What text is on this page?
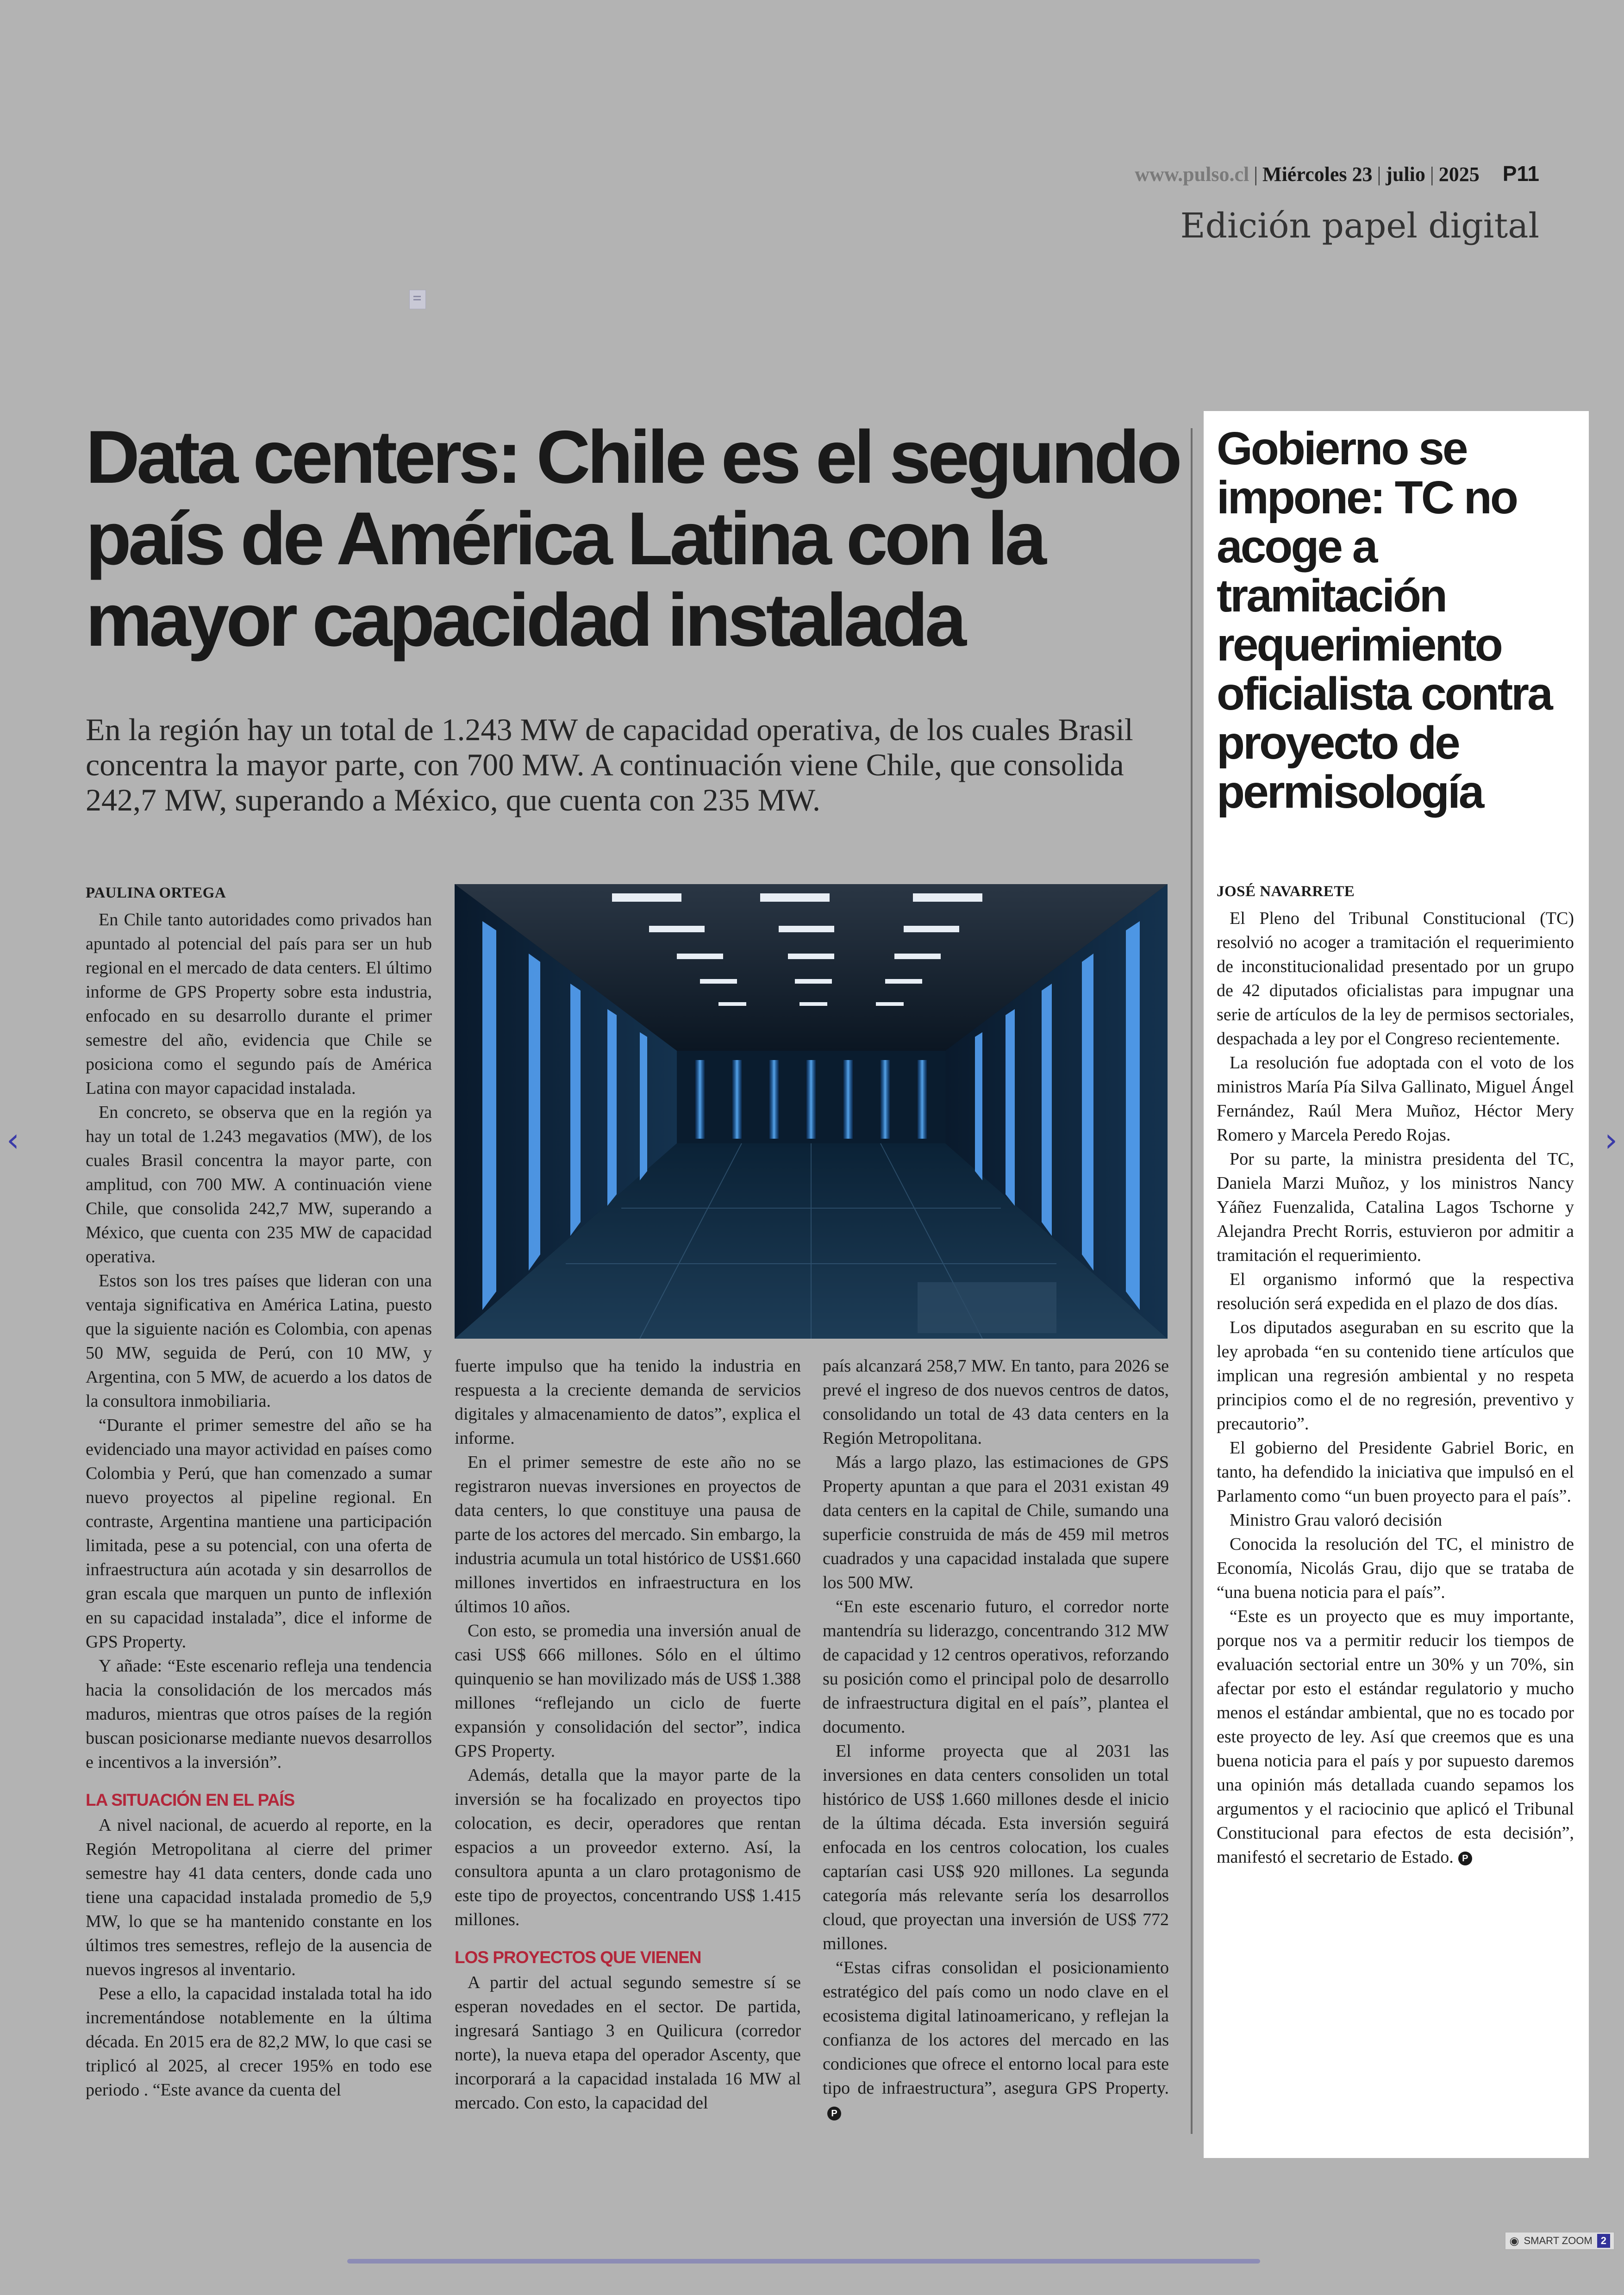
www.pulso.cl | Miércoles 23 | julio | 2025 P11
Edición papel digital
Data centers: Chile es el segundo país de América Latina con la mayor capacidad instalada
En la región hay un total de 1.243 MW de capacidad operativa, de los cuales Brasil concentra la mayor parte, con 700 MW. A continuación viene Chile, que consolida 242,7 MW, superando a México, que cuenta con 235 MW.
PAULINA ORTEGA

En Chile tanto autoridades como privados han apuntado al potencial del país para ser un hub regional en el mercado de data centers. El último informe de GPS Property sobre esta industria, enfocado en su desarrollo durante el primer semestre del año, evidencia que Chile se posiciona como el segundo país de América Latina con mayor capacidad instalada.

En concreto, se observa que en la región ya hay un total de 1.243 megavatios (MW), de los cuales Brasil concentra la mayor parte, con amplitud, con 700 MW. A continuación viene Chile, que consolida 242,7 MW, superando a México, que cuenta con 235 MW de capacidad operativa.

Estos son los tres países que lideran con una ventaja significativa en América Latina, puesto que la siguiente nación es Colombia, con apenas 50 MW, seguida de Perú, con 10 MW, y Argentina, con 5 MW, de acuerdo a los datos de la consultora inmobiliaria.

“Durante el primer semestre del año se ha evidenciado una mayor actividad en países como Colombia y Perú, que han comenzado a sumar nuevo proyectos al pipeline regional. En contraste, Argentina mantiene una participación limitada, pese a su potencial, con una oferta de infraestructura aún acotada y sin desarrollos de gran escala que marquen un punto de inflexión en su capacidad instalada”, dice el informe de GPS Property.

Y añade: “Este escenario refleja una tendencia hacia la consolidación de los mercados más maduros, mientras que otros países de la región buscan posicionarse mediante nuevos desarrollos e incentivos a la inversión”.

LA SITUACIÓN EN EL PAÍS

A nivel nacional, de acuerdo al reporte, en la Región Metropolitana al cierre del primer semestre hay 41 data centers, donde cada uno tiene una capacidad instalada promedio de 5,9 MW, lo que se ha mantenido constante en los últimos tres semestres, reflejo de la ausencia de nuevos ingresos al inventario.

Pese a ello, la capacidad instalada total ha ido incrementándose notablemente en la última década. En 2015 era de 82,2 MW, lo que casi se triplicó al 2025, al crecer 195% en todo ese periodo . “Este avance da cuenta del

fuerte impulso que ha tenido la industria en respuesta a la creciente demanda de servicios digitales y almacenamiento de datos”, explica el informe.

En el primer semestre de este año no se registraron nuevas inversiones en proyectos de data centers, lo que constituye una pausa de parte de los actores del mercado. Sin embargo, la industria acumula un total histórico de US$1.660 millones invertidos en infraestructura en los últimos 10 años.

Con esto, se promedia una inversión anual de casi US$ 666 millones. Sólo en el último quinquenio se han movilizado más de US$ 1.388 millones “reflejando un ciclo de fuerte expansión y consolidación del sector”, indica GPS Property.

Además, detalla que la mayor parte de la inversión se ha focalizado en proyectos tipo colocation, es decir, operadores que rentan espacios a un proveedor externo. Así, la consultora apunta a un claro protagonismo de este tipo de proyectos, concentrando US$ 1.415 millones.

LOS PROYECTOS QUE VIENEN

A partir del actual segundo semestre sí se esperan novedades en el sector. De partida, ingresará Santiago 3 en Quilicura (corredor norte), la nueva etapa del operador Ascenty, que incorporará a la capacidad instalada 16 MW al mercado. Con esto, la capacidad del

país alcanzará 258,7 MW. En tanto, para 2026 se prevé el ingreso de dos nuevos centros de datos, consolidando un total de 43 data centers en la Región Metropolitana.

Más a largo plazo, las estimaciones de GPS Property apuntan a que para el 2031 existan 49 data centers en la capital de Chile, sumando una superficie construida de más de 459 mil metros cuadrados y una capacidad instalada que supere los 500 MW.

“En este escenario futuro, el corredor norte mantendría su liderazgo, concentrando 312 MW de capacidad y 12 centros operativos, reforzando su posición como el principal polo de desarrollo de infraestructura digital en el país”, plantea el documento.

El informe proyecta que al 2031 las inversiones en data centers consoliden un total histórico de US$ 1.660 millones desde el inicio de la última década. Esta inversión seguirá enfocada en los centros colocation, los cuales captarían casi US$ 920 millones. La segunda categoría más relevante sería los desarrollos cloud, que proyectan una inversión de US$ 772 millones.

“Estas cifras consolidan el posicionamiento estratégico del país como un nodo clave en el ecosistema digital latinoamericano, y reflejan la confianza de los actores del mercado en las condiciones que ofrece el entorno local para este tipo de infraestructura”, asegura GPS Property.P

Gobierno se impone: TC no acoge a tramitación requerimiento oficialista contra proyecto de permisología
JOSÉ NAVARRETE

El Pleno del Tribunal Constitucional (TC) resolvió no acoger a tramitación el requerimiento de inconstitucionalidad presentado por un grupo de 42 diputados oficialistas para impugnar una serie de artículos de la ley de permisos sectoriales, despachada a ley por el Congreso recientemente.

La resolución fue adoptada con el voto de los ministros María Pía Silva Gallinato, Miguel Ángel Fernández, Raúl Mera Muñoz, Héctor Mery Romero y Marcela Peredo Rojas.

Por su parte, la ministra presidenta del TC, Daniela Marzi Muñoz, y los ministros Nancy Yáñez Fuenzalida, Catalina Lagos Tschorne y Alejandra Precht Rorris, estuvieron por admitir a tramitación el requerimiento.

El organismo informó que la respectiva resolución será expedida en el plazo de dos días.

Los diputados aseguraban en su escrito que la ley aprobada “en su contenido tiene artículos que implican una regresión ambiental y no respeta principios como el de no regresión, preventivo y precautorio”.

El gobierno del Presidente Gabriel Boric, en tanto, ha defendido la iniciativa que impulsó en el Parlamento como “un buen proyecto para el país”.

Ministro Grau valoró decisión

Conocida la resolución del TC, el ministro de Economía, Nicolás Grau, dijo que se trataba de “una buena noticia para el país”.

“Este es un proyecto que es muy importante, porque nos va a permitir reducir los tiempos de evaluación sectorial entre un 30% y un 70%, sin afectar por esto el estándar regulatorio y mucho menos el estándar ambiental, que no es tocado por este proyecto de ley. Así que creemos que es una buena noticia para el país y por supuesto daremos una opinión más detallada cuando sepamos los argumentos y el raciocinio que aplicó el Tribunal Constitucional para efectos de esta decisión”, manifestó el secretario de Estado. P

‹	›
◉ SMART ZOOM 2
